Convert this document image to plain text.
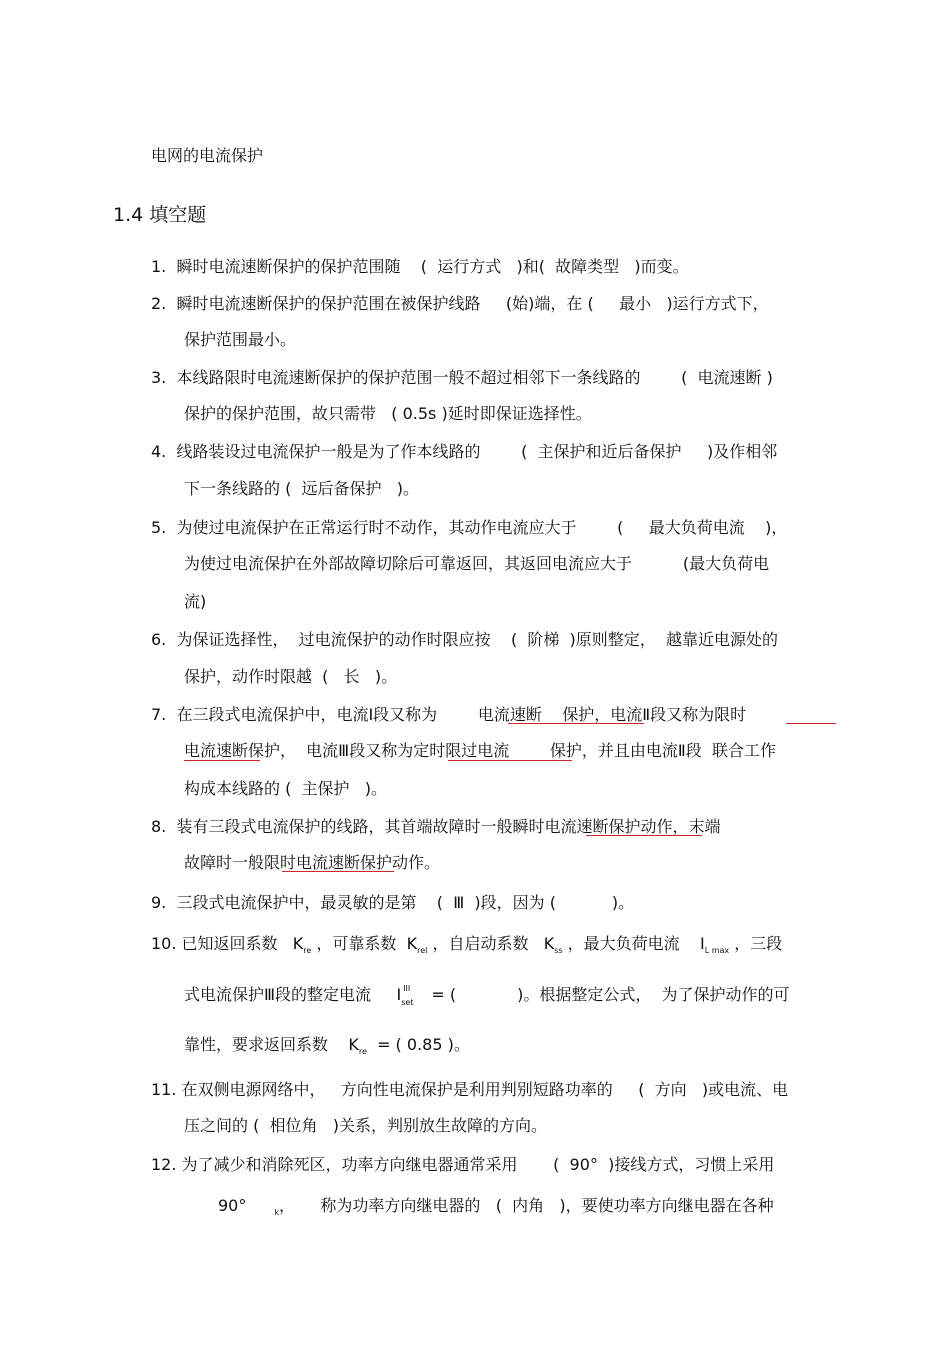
电网的电流保护
1.4 填空题
1.  瞬时电流速断保护的保护范围随    (  运行方式   )和(  故障类型   )而变。
2.  瞬时电流速断保护的保护范围在被保护线路     (始)端，在 (     最小   )运行方式下，
保护范围最小。
3.  本线路限时电流速断保护的保护范围一般不超过相邻下一条线路的        (  电流速断 )
保护的保护范围，故只需带   ( 0.5s )延时即保证选择性。
4.  线路装设过电流保护一般是为了作本线路的        (  主保护和近后备保护     )及作相邻
下一条线路的 (  远后备保护   )。
5.  为使过电流保护在正常运行时不动作，其动作电流应大于        (     最大负荷电流    )，
为使过电流保护在外部故障切除后可靠返回，其返回电流应大于          (最大负荷电
流)
6.  为保证选择性，  过电流保护的动作时限应按    (  阶梯  )原则整定，  越靠近电源处的
保护，动作时限越  (   长   )。
7.  在三段式电流保护中，电流Ⅰ段又称为        电流速断    保护，电流Ⅱ段又称为限时
电流速断保护，  电流Ⅲ段又称为定时限过电流        保护，并且由电流Ⅱ段  联合工作
构成本线路的 (  主保护   )。
8.  装有三段式电流保护的线路，其首端故障时一般瞬时电流速断保护动作，末端
故障时一般限时电流速断保护动作。
9.  三段式电流保护中，最灵敏的是第    (  Ⅲ  )段，因为 (           )。
10. 已知返回系数   $K_{re}$ ，可靠系数  $K_{rel}$ ，自启动系数   $K_{ss}$ ，最大负荷电流    $I_{L max}$ ，三段
式电流保护Ⅲ段的整定电流     I III
set = (            )。根据整定公式，  为了保护动作的可
靠性，要求返回系数    $K_{re}$  = ( 0.85 )。
11. 在双侧电源网络中，   方向性电流保护是利用判别短路功率的     (  方向   )或电流、电
压之间的 (  相位角   )关系，判别放生故障的方向。
12. 为了减少和消除死区，功率方向继电器通常采用       (  90°  )接线方式，习惯上采用
90°	$_k$，     称为功率方向继电器的   (  内角   )，要使功率方向继电器在各种
